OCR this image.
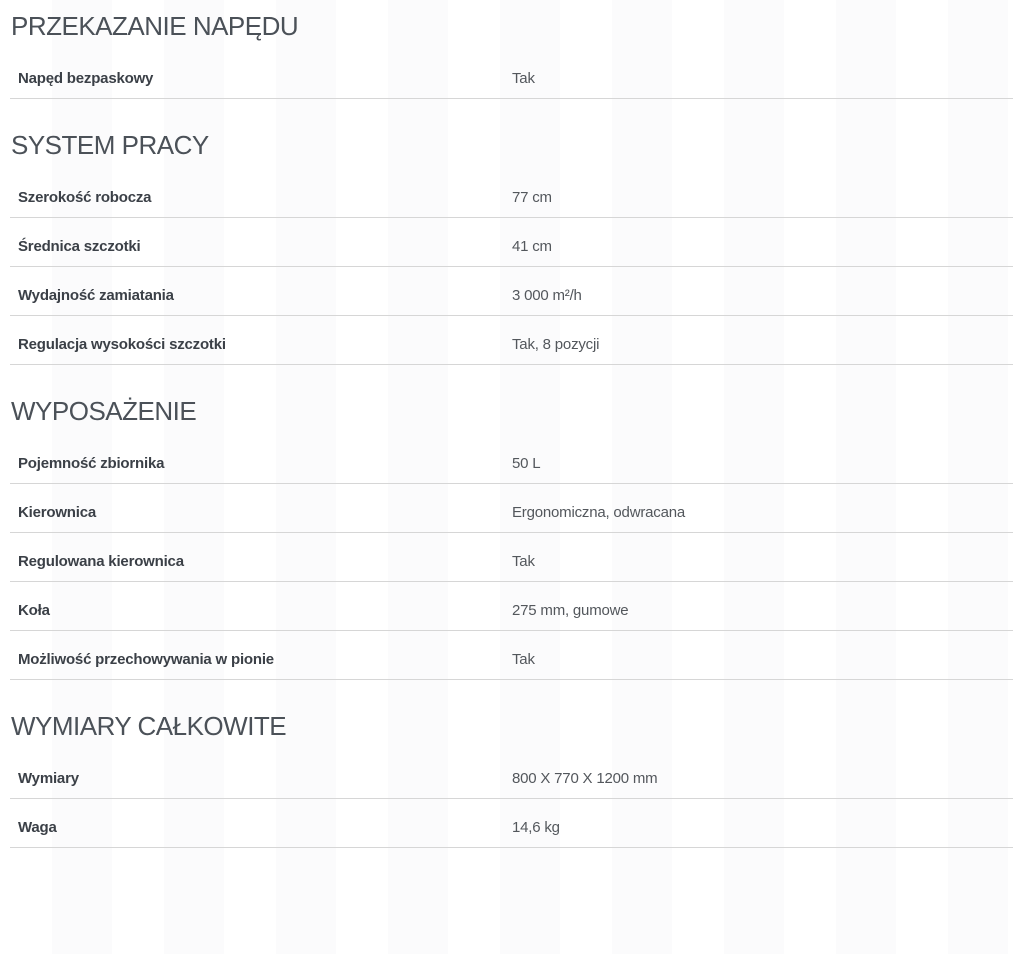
PRZEKAZANIE NAPĘDU
Napęd bezpaskowy	Tak
SYSTEM PRACY
Szerokość robocza	77 cm
Średnica szczotki	41 cm
Wydajność zamiatania	3 000 m²/h
Regulacja wysokości szczotki	Tak, 8 pozycji
WYPOSAŻENIE
Pojemność zbiornika	50 L
Kierownica	Ergonomiczna, odwracana
Regulowana kierownica	Tak
Koła	275 mm, gumowe
Możliwość przechowywania w pionie	Tak
WYMIARY CAŁKOWITE
Wymiary	800 X 770 X 1200 mm
Waga	14,6 kg
